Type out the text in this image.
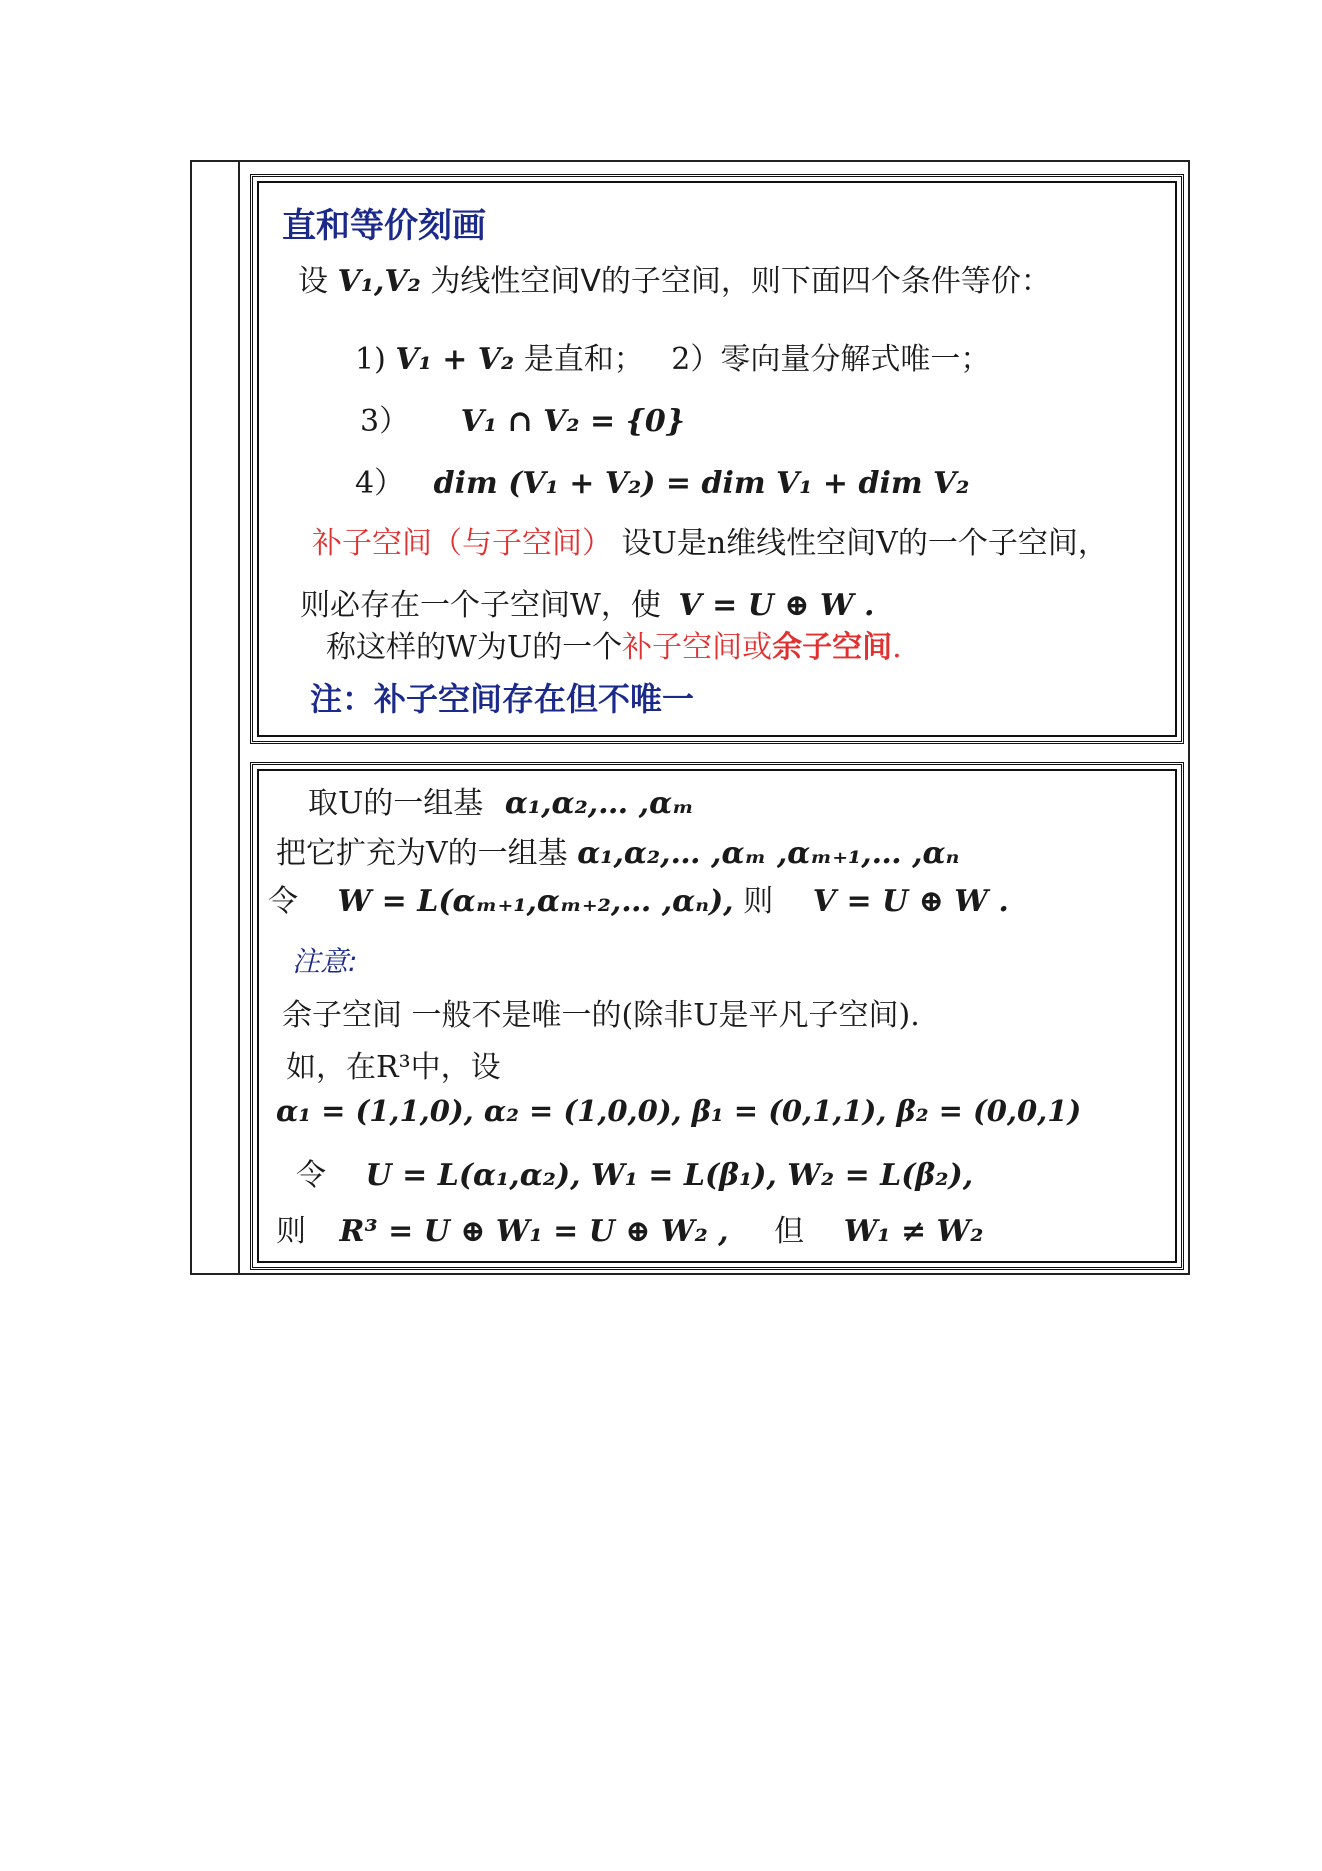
直和等价刻画
设 V₁,V₂ 为线性空间V的子空间，则下面四个条件等价：
1) V₁ + V₂ 是直和； 2）零向量分解式唯一；
3） V₁ ∩ V₂ = {0}
4） dim (V₁ + V₂) = dim V₁ + dim V₂
补子空间（与子空间） 设U是n维线性空间V的一个子空间，
则必存在一个子空间W，使 V = U ⊕ W .
称这样的W为U的一个补子空间或余子空间.
注：补子空间存在但不唯一
取U的一组基 α₁,α₂,… ,αₘ
把它扩充为V的一组基 α₁,α₂,… ,αₘ ,αₘ₊₁,… ,αₙ
令 W = L(αₘ₊₁,αₘ₊₂,… ,αₙ), 则 V = U ⊕ W .
注意:
余子空间 一般不是唯一的(除非U是平凡子空间).
如，在R³中，设
α₁ = (1,1,0), α₂ = (1,0,0), β₁ = (0,1,1), β₂ = (0,0,1)
令 U = L(α₁,α₂), W₁ = L(β₁), W₂ = L(β₂),
则 R³ = U ⊕ W₁ = U ⊕ W₂ , 但 W₁ ≠ W₂
